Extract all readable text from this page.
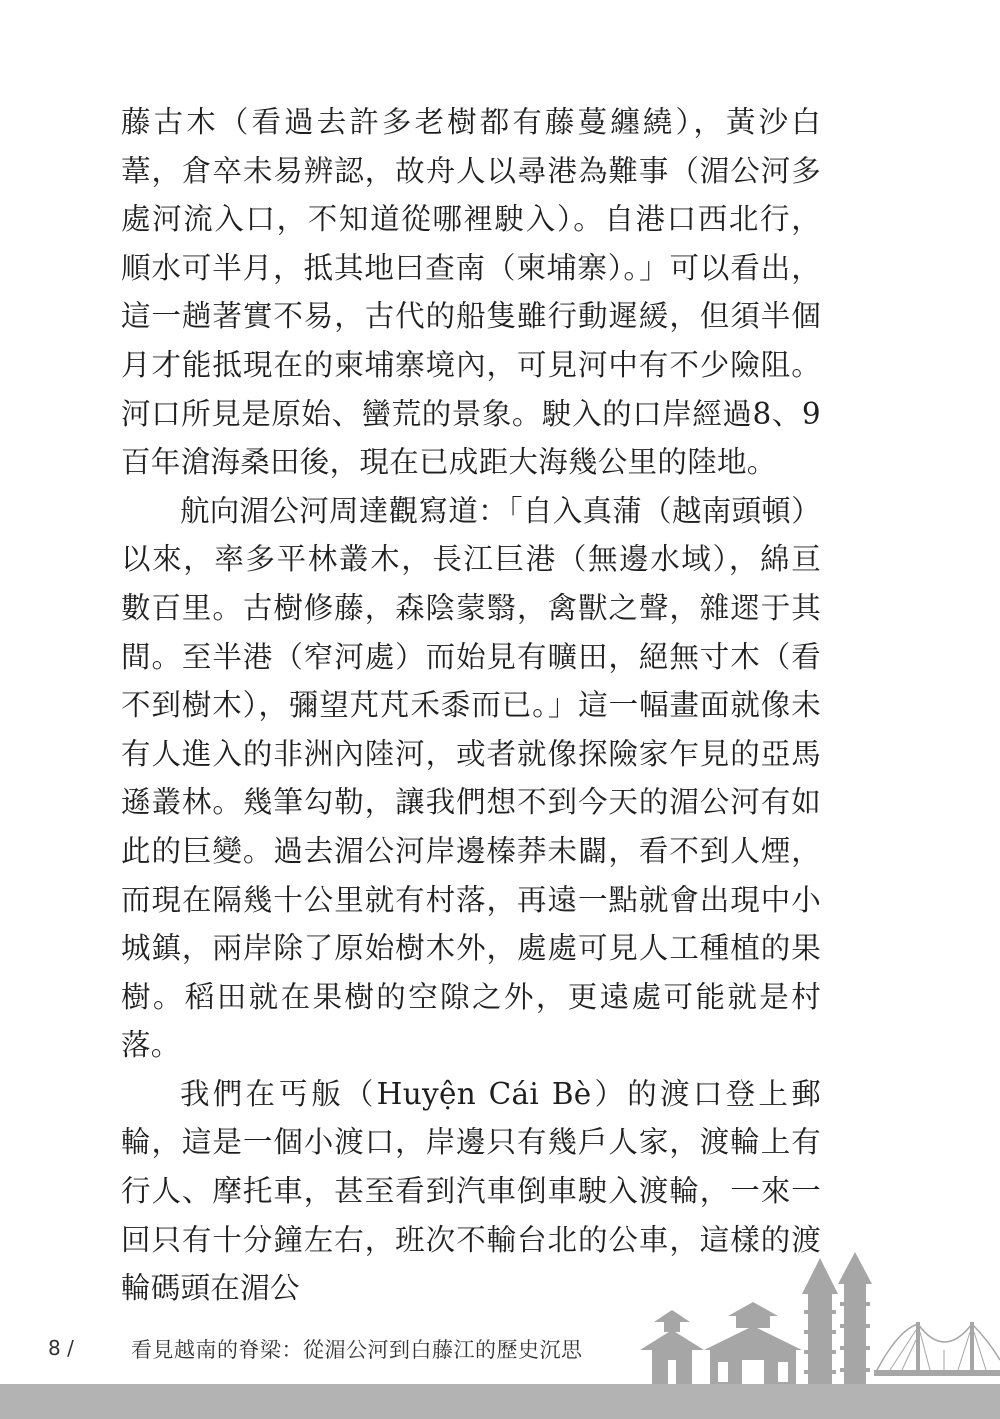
藤古木（看過去許多老樹都有藤蔓纏繞），黃沙白葦，倉卒未易辨認，故舟人以尋港為難事（湄公河多處河流入口，不知道從哪裡駛入）。自港口西北行，順水可半月，抵其地曰查南（柬埔寨）。」可以看出，這一趟著實不易，古代的船隻雖行動遲緩，但須半個月才能抵現在的柬埔寨境內，可見河中有不少險阻。河口所見是原始、蠻荒的景象。駛入的口岸經過8、9百年滄海桑田後，現在已成距大海幾公里的陸地。

航向湄公河周達觀寫道：「自入真蒲（越南頭頓）以來，率多平林叢木，長江巨港（無邊水域），綿亘數百里。古樹修藤，森陰蒙翳，禽獸之聲，雜遝于其間。至半港（窄河處）而始見有曠田，絕無寸木（看不到樹木），彌望芃芃禾黍而已。」這一幅畫面就像未有人進入的非洲內陸河，或者就像探險家乍見的亞馬遜叢林。幾筆勾勒，讓我們想不到今天的湄公河有如此的巨變。過去湄公河岸邊榛莽未闢，看不到人煙，而現在隔幾十公里就有村落，再遠一點就會出現中小城鎮，兩岸除了原始樹木外，處處可見人工種植的果樹。稻田就在果樹的空隙之外，更遠處可能就是村落。

我們在丐舨（Huyện Cái Bè）的渡口登上郵輪，這是一個小渡口，岸邊只有幾戶人家，渡輪上有行人、摩托車，甚至看到汽車倒車駛入渡輪，一來一回只有十分鐘左右，班次不輸台北的公車，這樣的渡輪碼頭在湄公

8 /	看見越南的脊梁：從湄公河到白藤江的歷史沉思
